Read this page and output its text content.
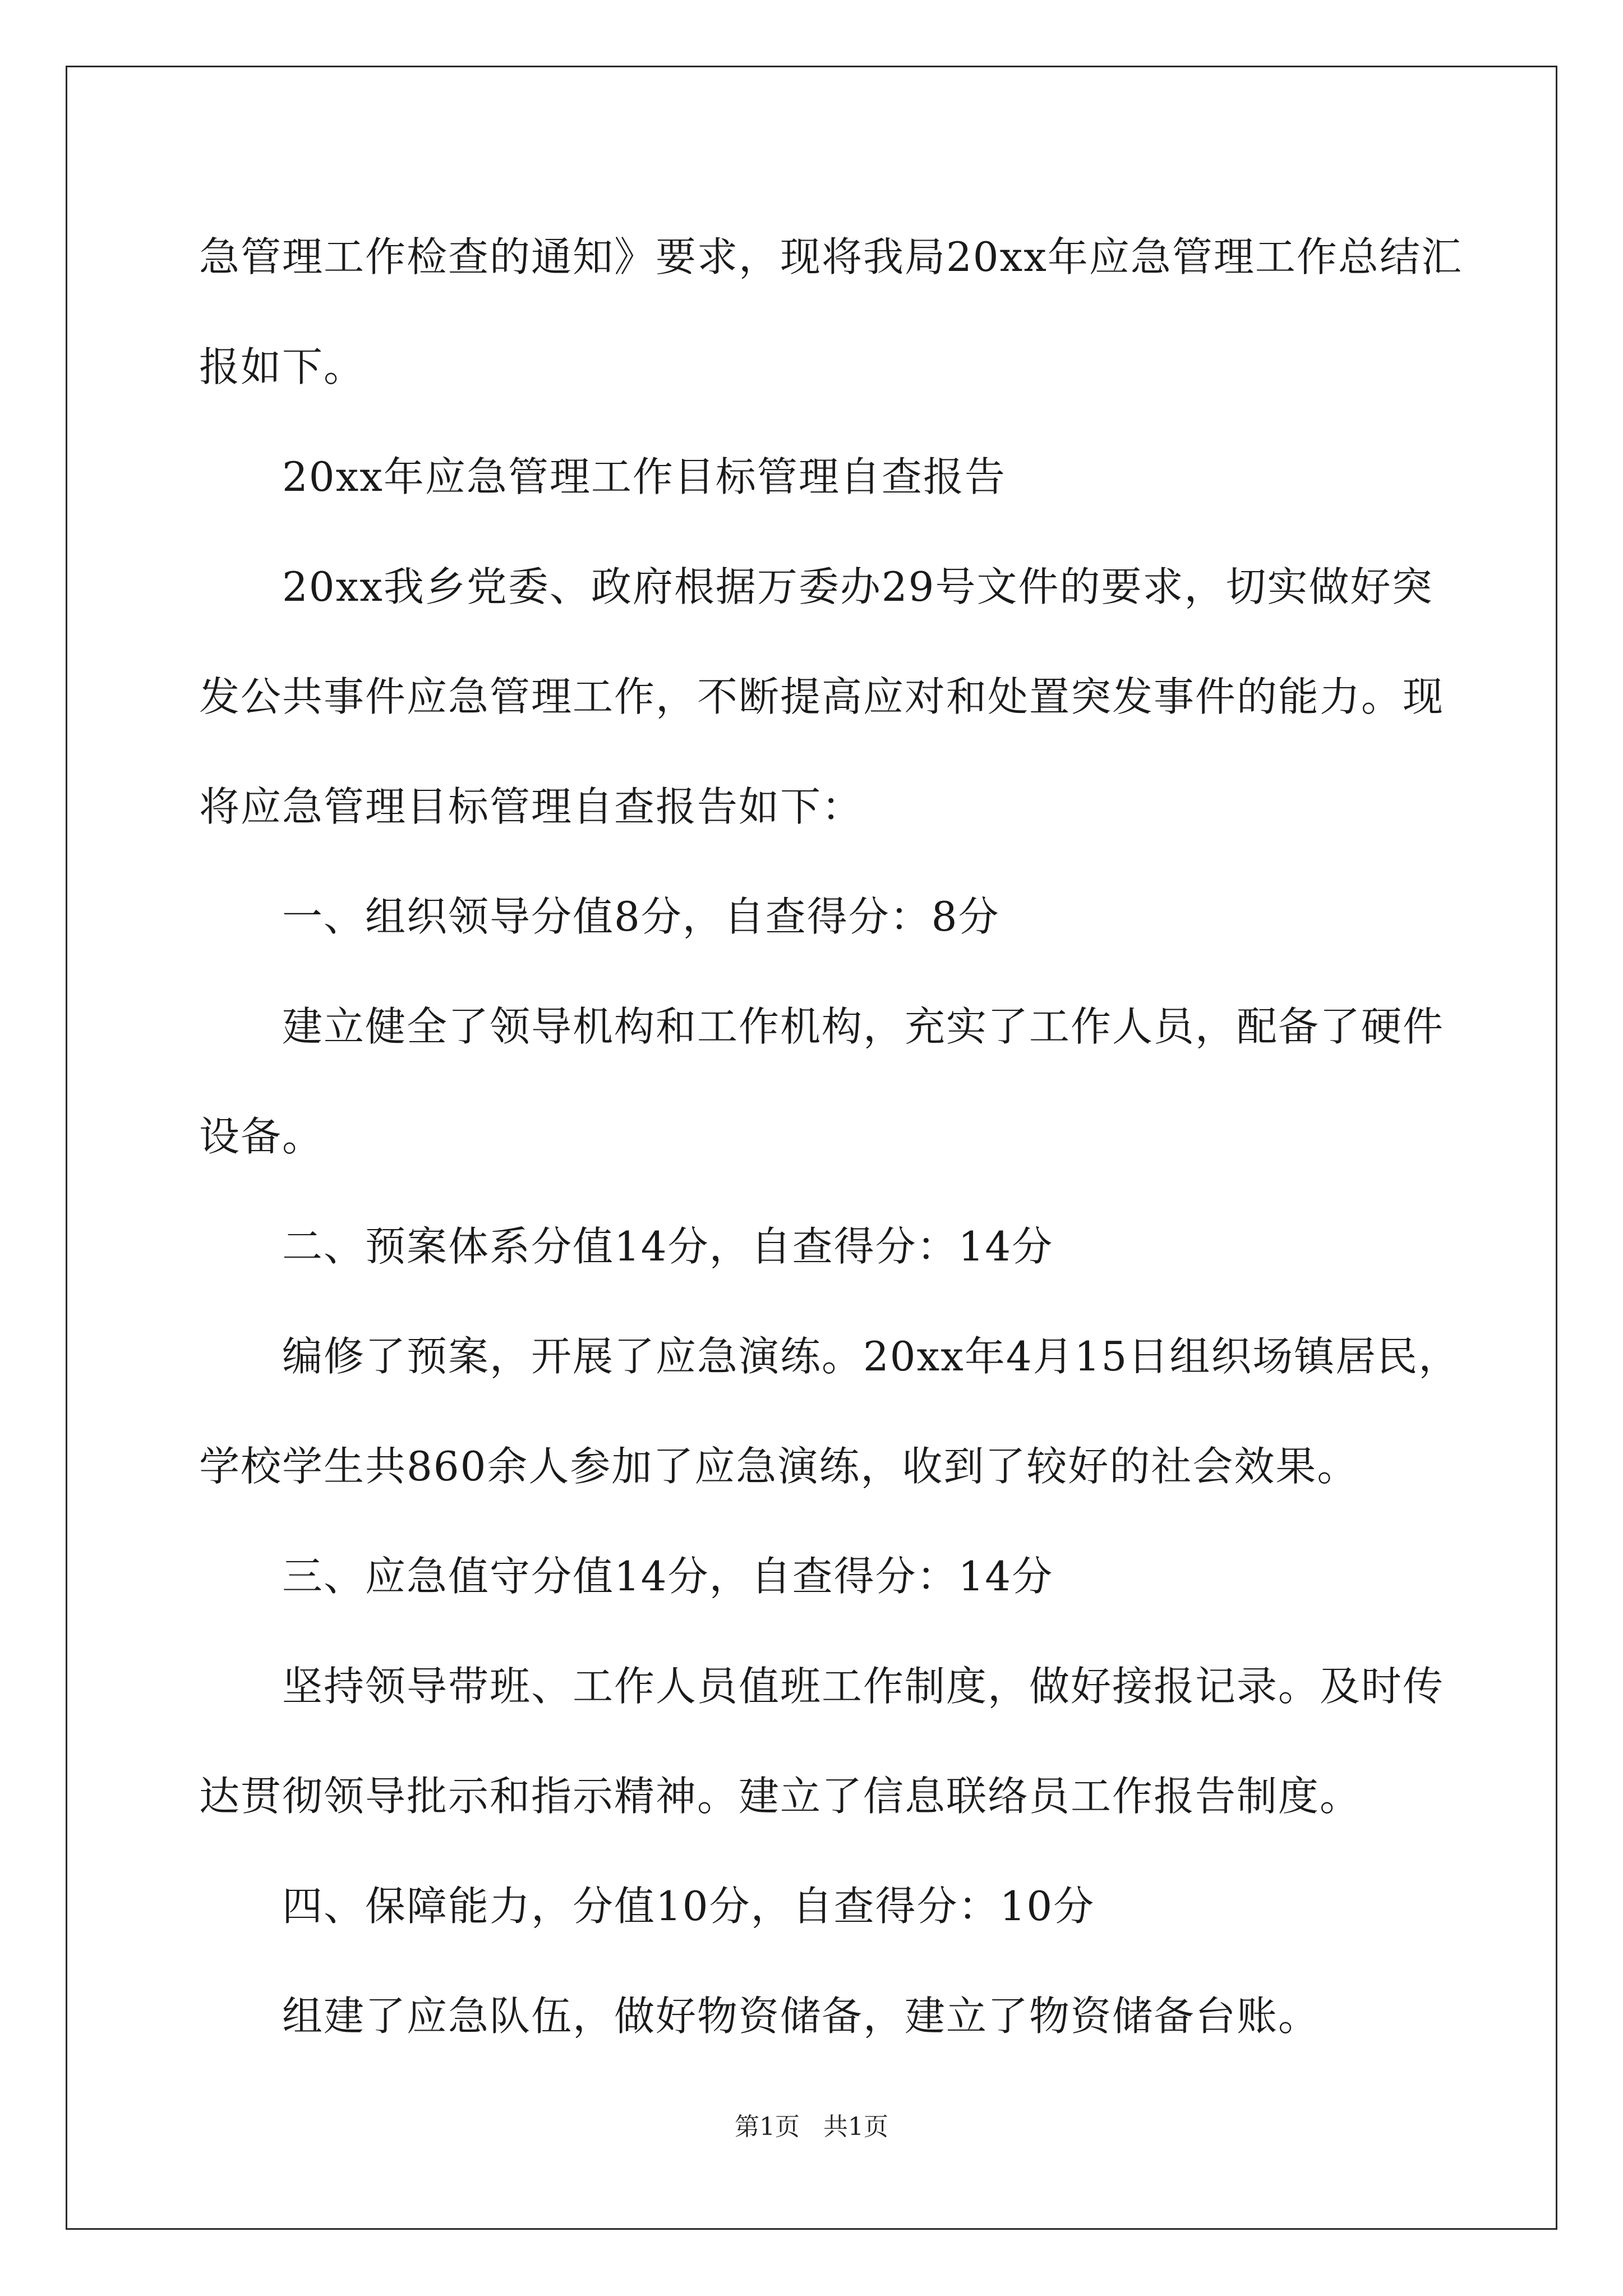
急管理工作检查的通知》要求，现将我局20xx年应急管理工作总结汇

报如下。

20xx年应急管理工作目标管理自查报告

20xx我乡党委、政府根据万委办29号文件的要求，切实做好突

发公共事件应急管理工作，不断提高应对和处置突发事件的能力。现

将应急管理目标管理自查报告如下：

一、组织领导分值8分，自查得分：8分

建立健全了领导机构和工作机构，充实了工作人员，配备了硬件

设备。

二、预案体系分值14分，自查得分：14分

编修了预案，开展了应急演练。20xx年4月15日组织场镇居民，

学校学生共860余人参加了应急演练，收到了较好的社会效果。

三、应急值守分值14分，自查得分：14分

坚持领导带班、工作人员值班工作制度，做好接报记录。及时传

达贯彻领导批示和指示精神。建立了信息联络员工作报告制度。

四、保障能力，分值10分，自查得分：10分

组建了应急队伍，做好物资储备，建立了物资储备台账。

第1页   共1页
